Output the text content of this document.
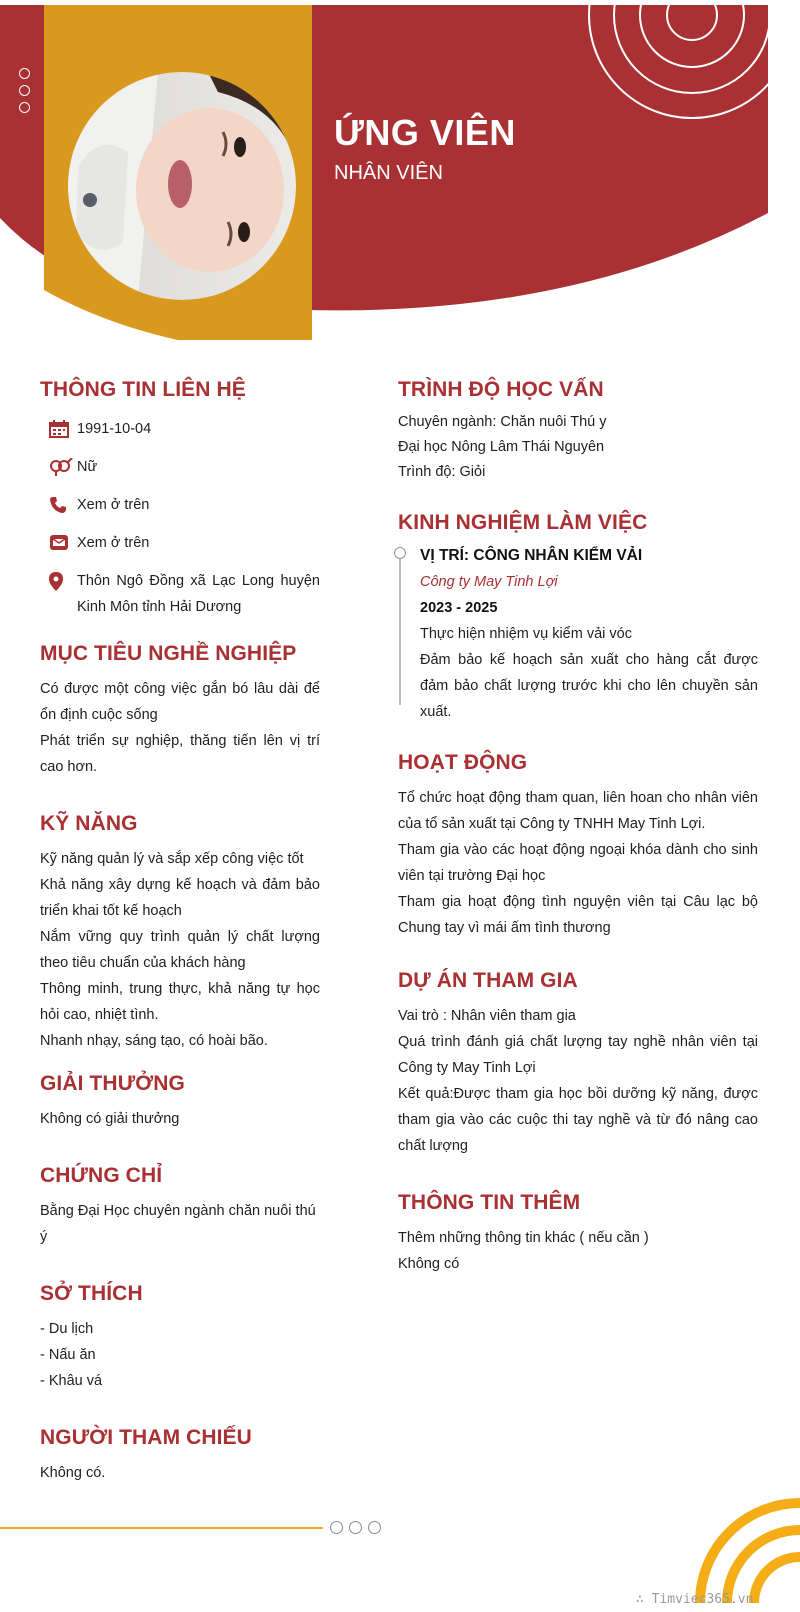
ỨNG VIÊN
NHÂN VIÊN
THÔNG TIN LIÊN HỆ
1991-10-04
Nữ
Xem ở trên
Xem ở trên
Thôn Ngô Đồng xã Lạc Long huyện Kinh Môn tỉnh Hải Dương
MỤC TIÊU NGHỀ NGHIỆP
Có được một công việc gắn bó lâu dài để ổn định cuộc sống
Phát triển sự nghiệp, thăng tiến lên vị trí cao hơn.
KỸ NĂNG
Kỹ năng quản lý và sắp xếp công việc tốt
Khả năng xây dựng kế hoạch và đảm bảo triển khai tốt kế hoạch
Nắm vững quy trình quản lý chất lượng theo tiêu chuẩn của khách hàng
Thông minh, trung thực, khả năng tự học hỏi cao, nhiệt tình.
Nhanh nhạy, sáng tạo, có hoài bão.
GIẢI THƯỞNG
Không có giải thưởng
CHỨNG CHỈ
Bằng Đại Học chuyên ngành chăn nuôi thú ý
SỞ THÍCH
- Du lịch
- Nấu ăn
- Khâu vá
NGƯỜI THAM CHIẾU
Không có.
TRÌNH ĐỘ HỌC VẤN
Chuyên ngành: Chăn nuôi Thú y
Đại học Nông Lâm Thái Nguyên
Trình độ: Giỏi
KINH NGHIỆM LÀM VIỆC
VỊ TRÍ: CÔNG NHÂN KIỂM VẢI
Công ty May Tinh Lợi
2023 - 2025
Thực hiện nhiệm vụ kiểm vải vóc
Đảm bảo kế hoạch sản xuất cho hàng cắt được đảm bảo chất lượng trước khi cho lên chuyền sản xuất.
HOẠT ĐỘNG
Tổ chức hoạt động tham quan, liên hoan cho nhân viên của tổ sản xuất tại Công ty TNHH May Tinh Lợi.
Tham gia vào các hoạt động ngoại khóa dành cho sinh viên tại trường Đại học
Tham gia hoạt động tình nguyện viên tại Câu lạc bộ Chung tay vì mái ấm tình thương
DỰ ÁN THAM GIA
Vai trò : Nhân viên tham gia
Quá trình đánh giá chất lượng tay nghề nhân viên tại Công ty May Tinh Lợi
Kết quả:Được tham gia học bồi dưỡng kỹ năng, được tham gia vào các cuộc thi tay nghề và từ đó nâng cao chất lượng
THÔNG TIN THÊM
Thêm những thông tin khác ( nếu cần )
Không có
∴ Timviec365.vn
